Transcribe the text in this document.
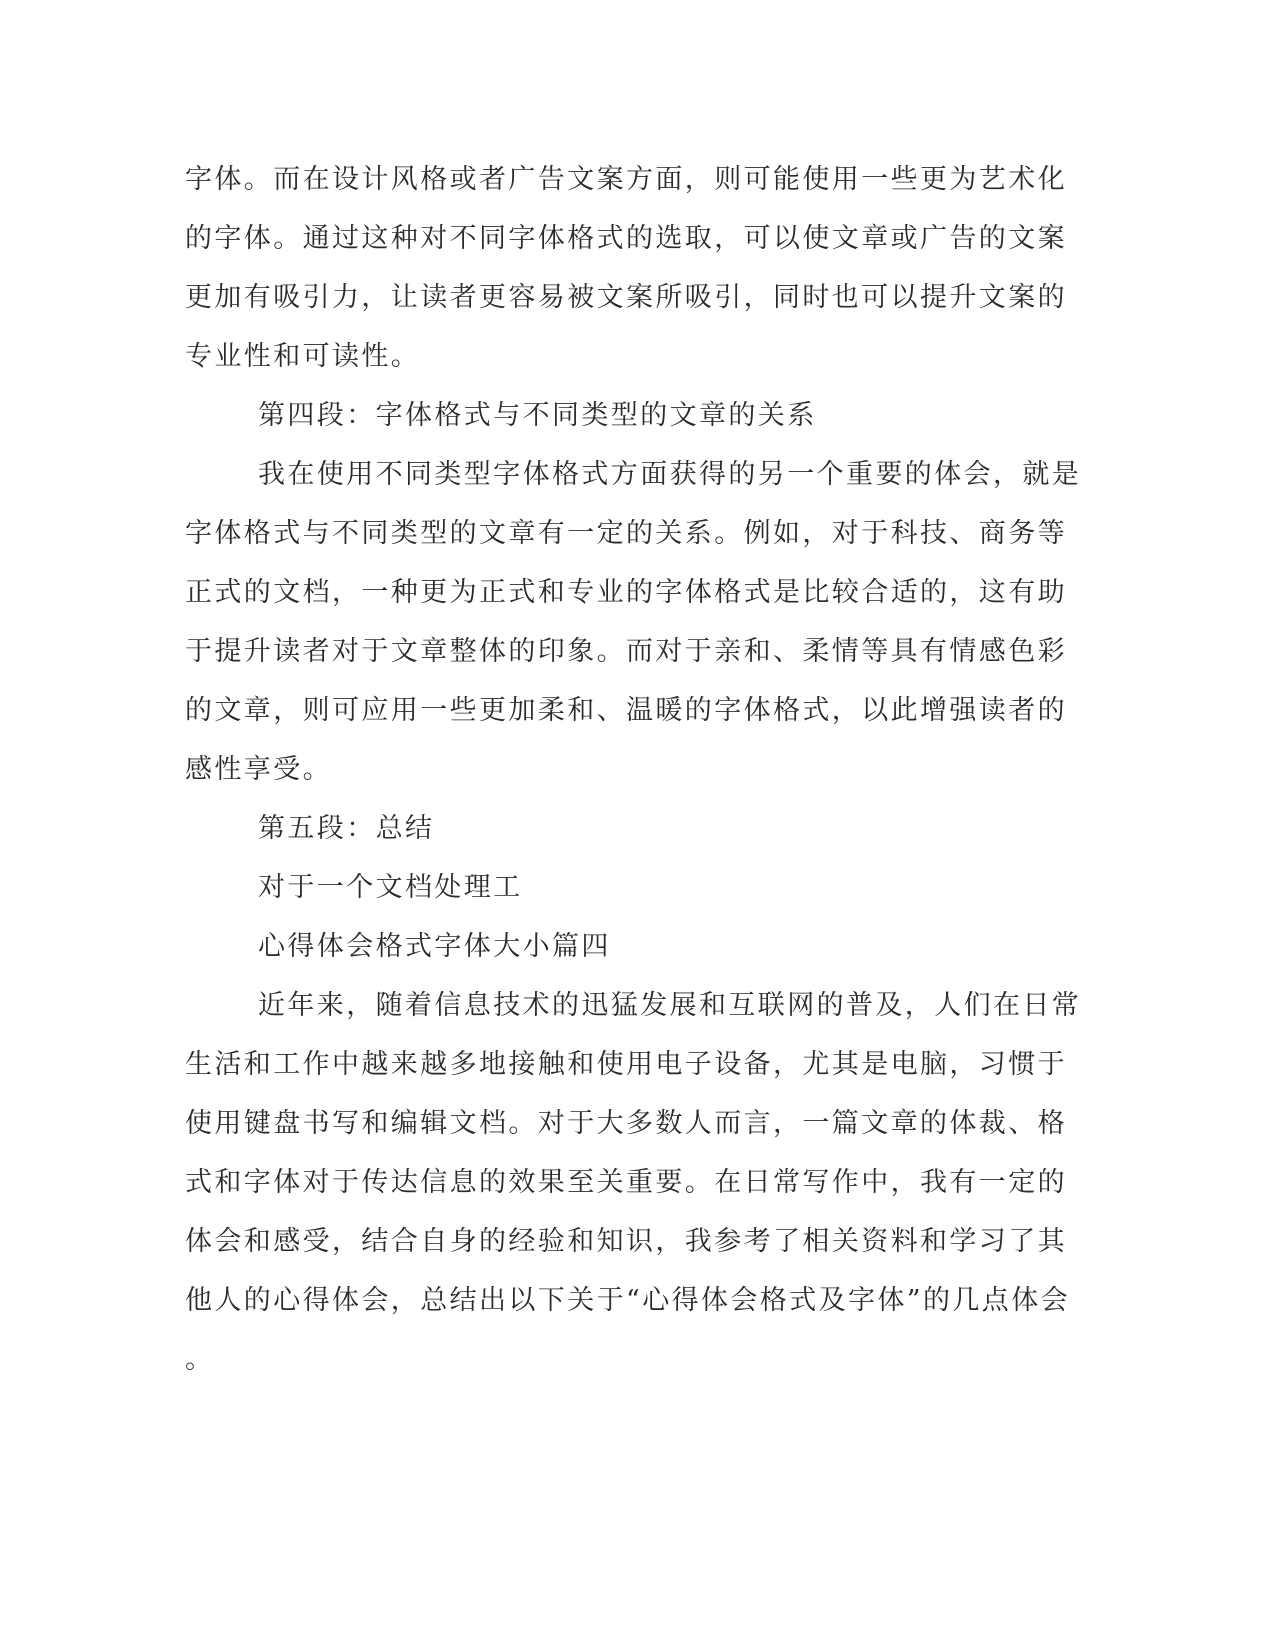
字体。而在设计风格或者广告文案方面，则可能使用一些更为艺术化
的字体。通过这种对不同字体格式的选取，可以使文章或广告的文案
更加有吸引力，让读者更容易被文案所吸引，同时也可以提升文案的
专业性和可读性。
第四段：字体格式与不同类型的文章的关系
我在使用不同类型字体格式方面获得的另一个重要的体会，就是
字体格式与不同类型的文章有一定的关系。例如，对于科技、商务等
正式的文档，一种更为正式和专业的字体格式是比较合适的，这有助
于提升读者对于文章整体的印象。而对于亲和、柔情等具有情感色彩
的文章，则可应用一些更加柔和、温暖的字体格式，以此增强读者的
感性享受。
第五段：总结
对于一个文档处理工
心得体会格式字体大小篇四
近年来，随着信息技术的迅猛发展和互联网的普及，人们在日常
生活和工作中越来越多地接触和使用电子设备，尤其是电脑，习惯于
使用键盘书写和编辑文档。对于大多数人而言，一篇文章的体裁、格
式和字体对于传达信息的效果至关重要。在日常写作中，我有一定的
体会和感受，结合自身的经验和知识，我参考了相关资料和学习了其
他人的心得体会，总结出以下关于“心得体会格式及字体”的几点体会
。
